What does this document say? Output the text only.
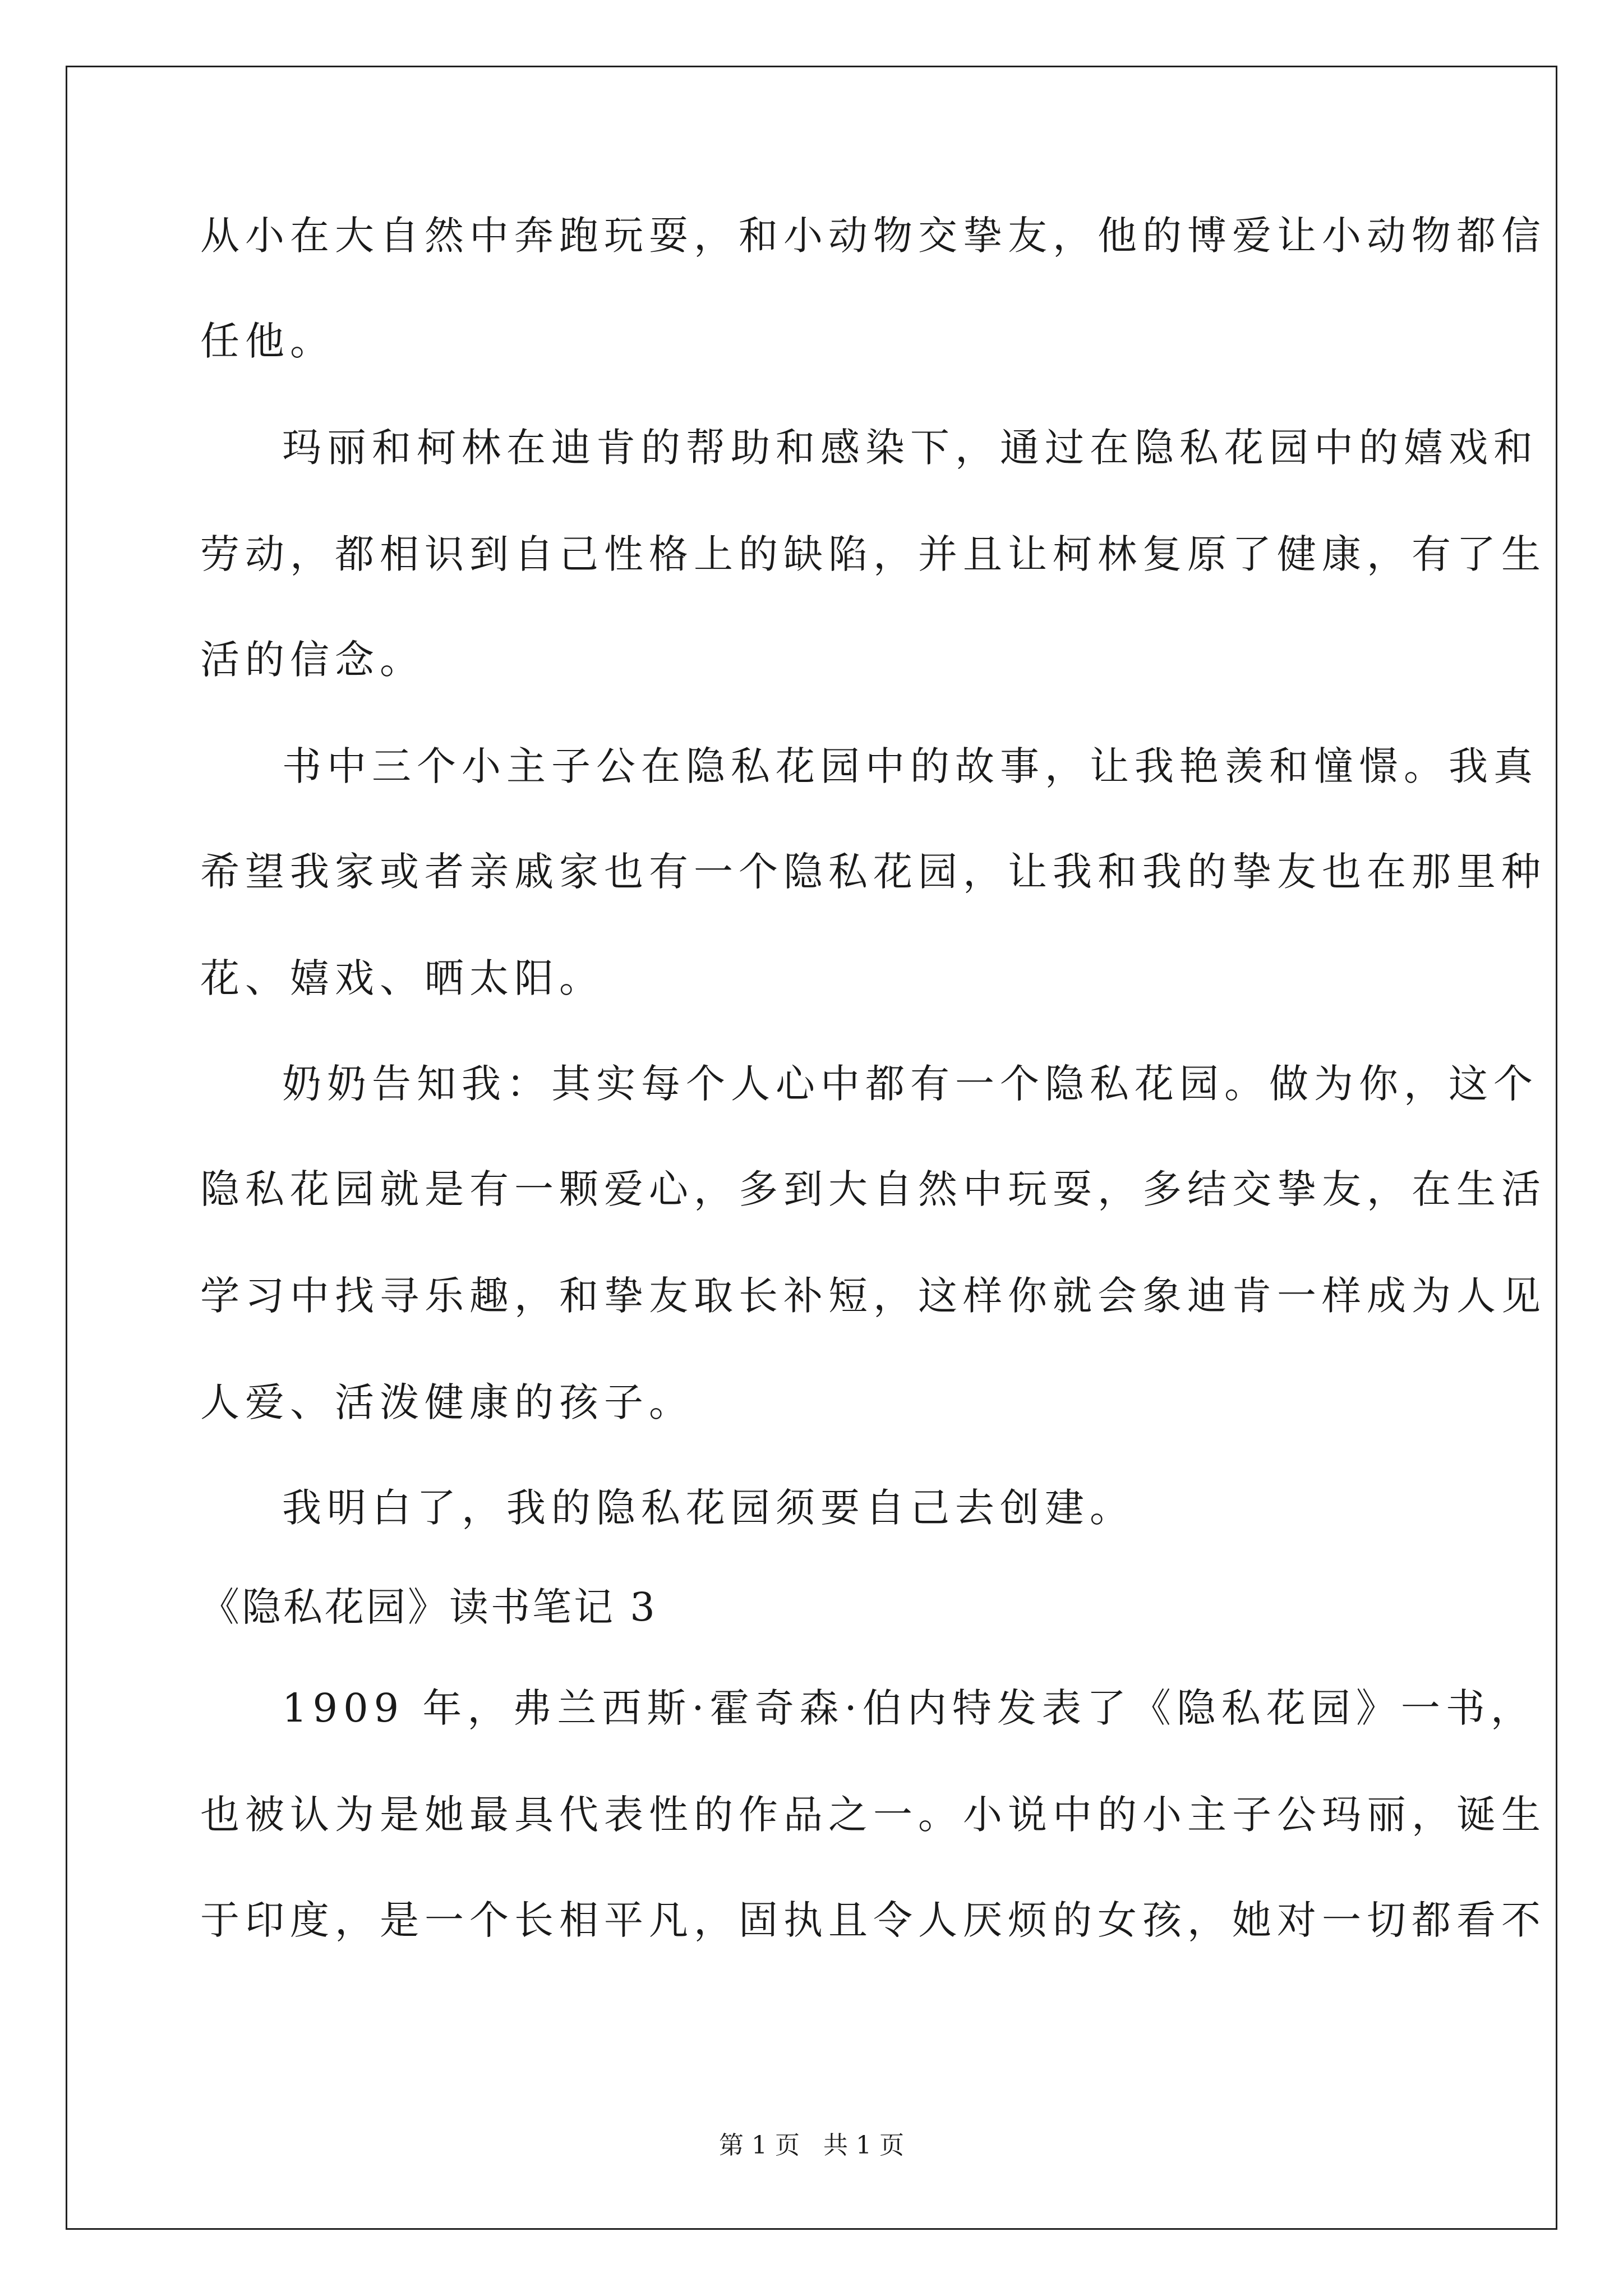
从小在大自然中奔跑玩耍，和小动物交挚友，他的博爱让小动物都信
任他。
玛丽和柯林在迪肯的帮助和感染下，通过在隐私花园中的嬉戏和
劳动，都相识到自己性格上的缺陷，并且让柯林复原了健康，有了生
活的信念。
书中三个小主子公在隐私花园中的故事，让我艳羡和憧憬。我真
希望我家或者亲戚家也有一个隐私花园，让我和我的挚友也在那里种
花、嬉戏、晒太阳。
奶奶告知我：其实每个人心中都有一个隐私花园。做为你，这个
隐私花园就是有一颗爱心，多到大自然中玩耍，多结交挚友，在生活
学习中找寻乐趣，和挚友取长补短，这样你就会象迪肯一样成为人见
人爱、活泼健康的孩子。
我明白了，我的隐私花园须要自己去创建。
《隐私花园》读书笔记 3
1909 年，弗兰西斯·霍奇森·伯内特发表了《隐私花园》一书，
也被认为是她最具代表性的作品之一。小说中的小主子公玛丽，诞生
于印度，是一个长相平凡，固执且令人厌烦的女孩，她对一切都看不
第 1 页 共 1 页
